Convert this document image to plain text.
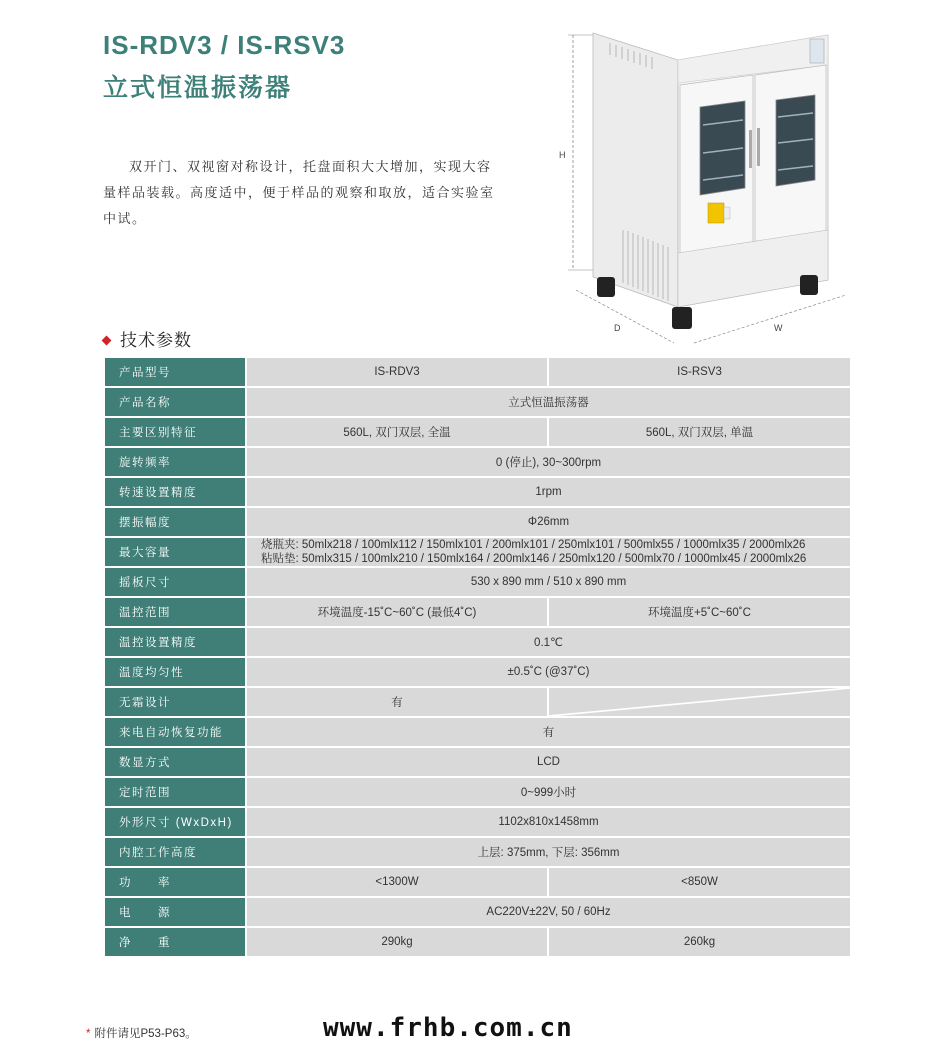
IS-RDV3 / IS-RSV3
立式恒温振荡器
双开门、双视窗对称设计，托盘面积大大增加，实现大容量样品装载。高度适中，便于样品的观察和取放，适合实验室中试。
H
D	W
技术参数
产品型号	IS-RDV3	IS-RSV3
产品名称	立式恒温振荡器	
主要区别特征	560L, 双门双层, 全温	560L, 双门双层, 单温
旋转频率	0 (停止), 30~300rpm	
转速设置精度	1rpm	
摆振幅度	Φ26mm	
最大容量	烧瓶夹: 50mlx218 / 100mlx112 / 150mlx101 / 200mlx101 / 250mlx101 / 500mlx55 / 1000mlx35 / 2000mlx26
粘贴垫: 50mlx315 / 100mlx210 / 150mlx164 / 200mlx146 / 250mlx120 / 500mlx70 / 1000mlx45 / 2000mlx26	

摇板尺寸	530 x 890 mm / 510 x 890 mm	
温控范围	环境温度-15˚C~60˚C (最低4˚C)	环境温度+5˚C~60˚C
温控设置精度	0.1℃	
温度均匀性	±0.5˚C (@37˚C)	
无霜设计	有	

来电自动恢复功能	有	
数显方式	LCD	
定时范围	0~999小时	
外形尺寸 (WxDxH)	1102x810x1458mm	
内腔工作高度	上层: 375mm, 下层: 356mm	
功　　率	<1300W	<850W
电　　源	AC220V±22V, 50 / 60Hz	
净　　重	290kg	260kg
* 附件请见P53-P63。	www.frhb.com.cn
